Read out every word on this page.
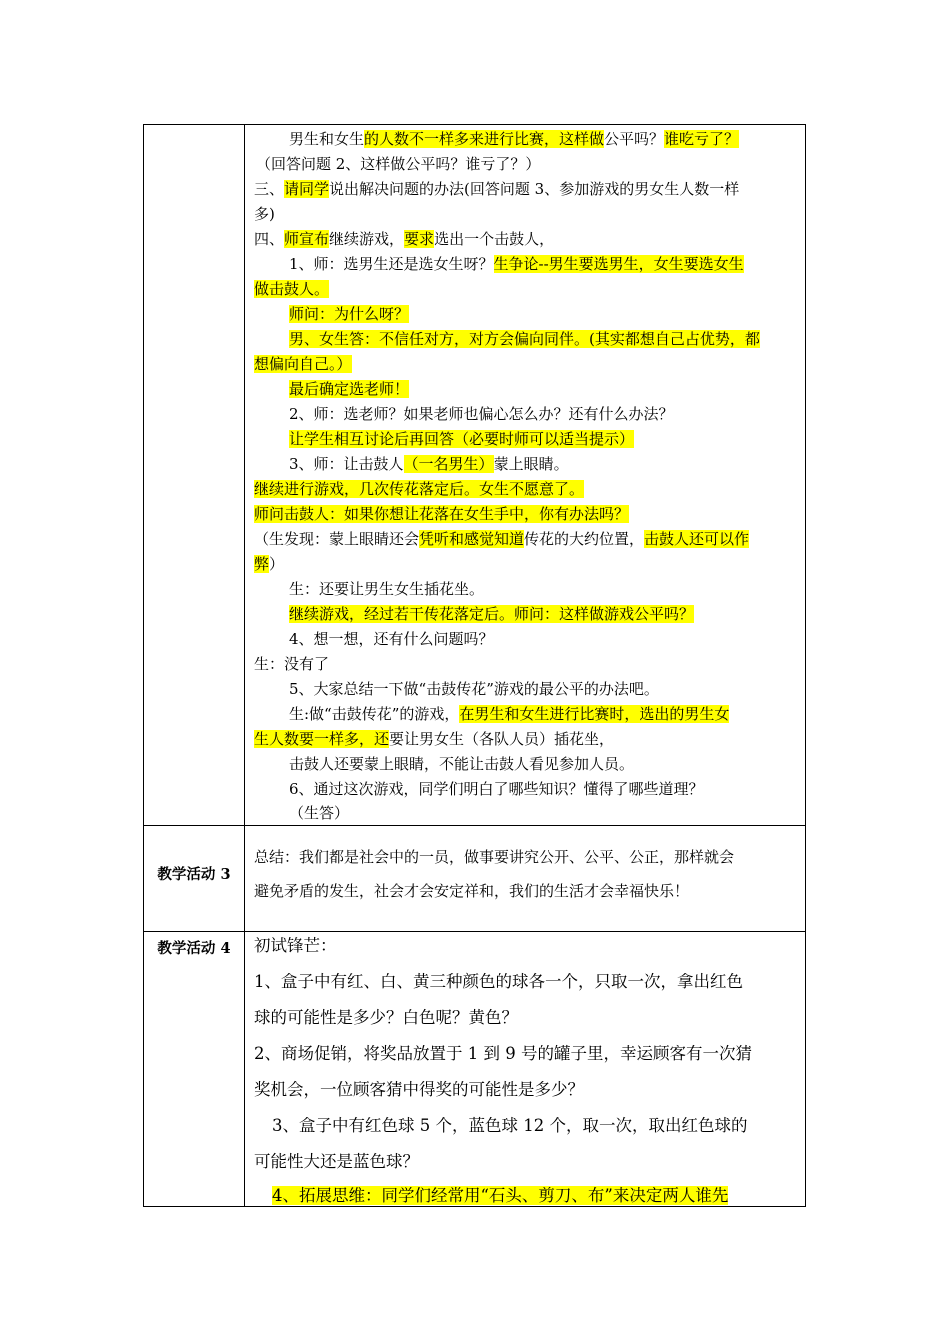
男生和女生的人数不一样多来进行比赛，这样做公平吗？谁吃亏了？
（回答问题 2、这样做公平吗？谁亏了？）
三、请同学说出解决问题的办法(回答问题 3、参加游戏的男女生人数一样
多)
四、师宣布继续游戏，要求选出一个击鼓人，
1、师：选男生还是选女生呀？生争论--男生要选男生，女生要选女生
做击鼓人。
师问：为什么呀？
男、女生答：不信任对方，对方会偏向同伴。(其实都想自己占优势，都
想偏向自己。）
最后确定选老师！
2、师：选老师？如果老师也偏心怎么办？还有什么办法？
让学生相互讨论后再回答（必要时师可以适当提示）
3、师：让击鼓人（一名男生）蒙上眼睛。
继续进行游戏，几次传花落定后。女生不愿意了。
师问击鼓人：如果你想让花落在女生手中，你有办法吗？
（生发现：蒙上眼睛还会凭听和感觉知道传花的大约位置，击鼓人还可以作
弊）
生：还要让男生女生插花坐。
继续游戏，经过若干传花落定后。师问：这样做游戏公平吗？
4、想一想，还有什么问题吗？
生：没有了
5、大家总结一下做“击鼓传花”游戏的最公平的办法吧。
生:做“击鼓传花”的游戏，在男生和女生进行比赛时，选出的男生女
生人数要一样多，还要让男女生（各队人员）插花坐，
击鼓人还要蒙上眼睛，不能让击鼓人看见参加人员。
6、通过这次游戏，同学们明白了哪些知识？懂得了哪些道理？
（生答）
教学活动 3
总结：我们都是社会中的一员，做事要讲究公开、公平、公正，那样就会
避免矛盾的发生，社会才会安定祥和，我们的生活才会幸福快乐！
教学活动 4	初试锋芒：
1、盒子中有红、白、黄三种颜色的球各一个，只取一次，拿出红色
球的可能性是多少？白色呢？黄色？
2、商场促销，将奖品放置于 1 到 9 号的罐子里，幸运顾客有一次猜
奖机会，一位顾客猜中得奖的可能性是多少？
3、盒子中有红色球 5 个，蓝色球 12 个，取一次，取出红色球的
可能性大还是蓝色球？
4、拓展思维：同学们经常用“石头、剪刀、布”来决定两人谁先
